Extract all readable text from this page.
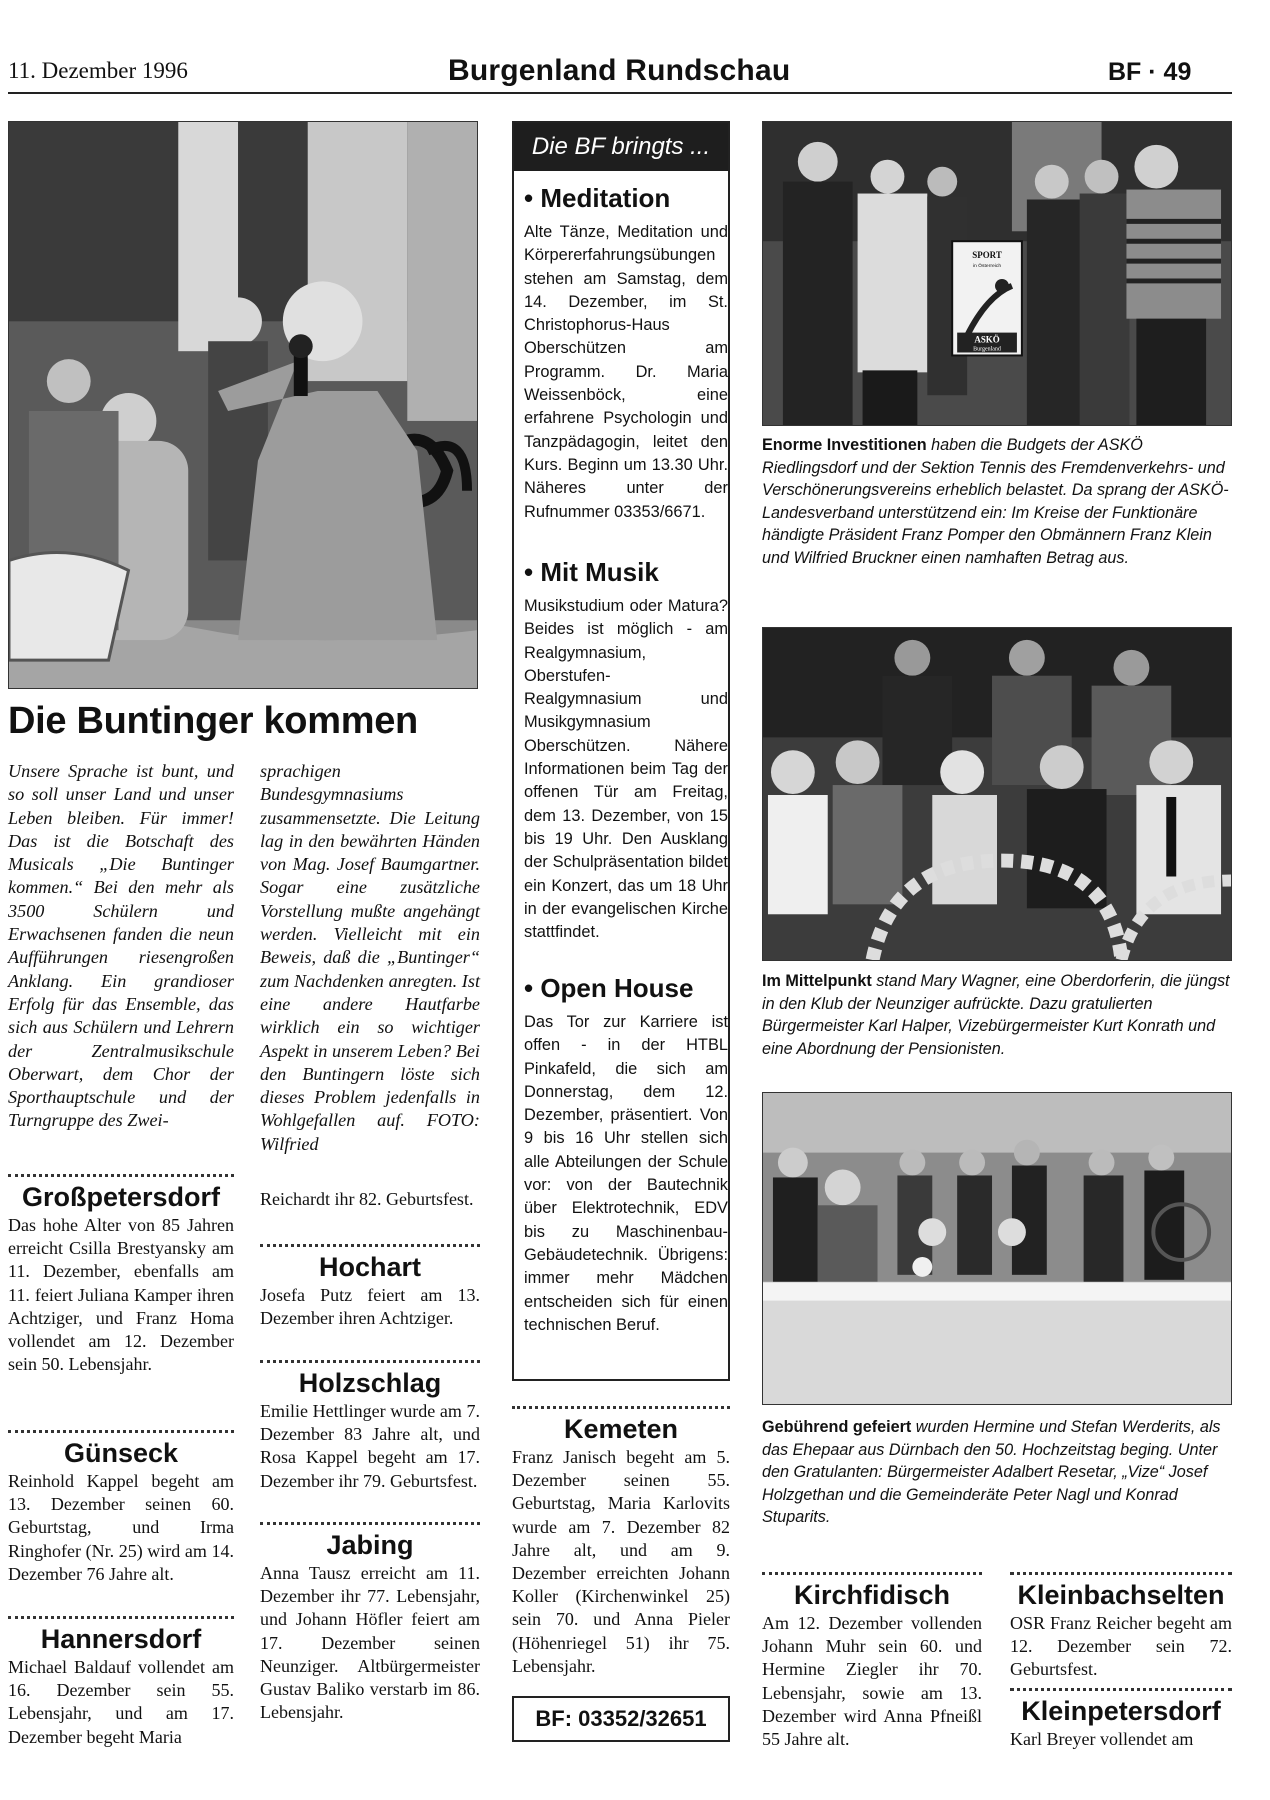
11. Dezember 1996	Burgenland Rundschau	BF · 49
Die Buntinger kommen
Unsere Sprache ist bunt, und so soll unser Land und unser Leben bleiben. Für immer! Das ist die Botschaft des Musicals „Die Buntinger kommen.“ Bei den mehr als 3500 Schülern und Erwachsenen fanden die neun Aufführungen riesengroßen Anklang. Ein grandioser Erfolg für das Ensemble, das sich aus Schülern und Lehrern der Zentralmusikschule Oberwart, dem Chor der Sporthauptschule und der Turngruppe des Zwei-
sprachigen Bundesgymnasiums zusammensetzte. Die Leitung lag in den bewährten Händen von Mag. Josef Baumgartner. Sogar eine zusätzliche Vorstellung mußte angehängt werden. Vielleicht mit ein Beweis, daß die „Buntinger“ zum Nachdenken anregten. Ist eine andere Hautfarbe wirklich ein so wichtiger Aspekt in unserem Leben? Bei den Buntingern löste sich dieses Problem jedenfalls in Wohlgefallen auf. FOTO: Wilfried
Großpetersdorf
Das hohe Alter von 85 Jahren erreicht Csilla Brestyansky am 11. Dezember, ebenfalls am 11. feiert Juliana Kamper ihren Achtziger, und Franz Homa vollendet am 12. Dezember sein 50. Lebensjahr.
Günseck
Reinhold Kappel begeht am 13. Dezember seinen 60. Geburtstag, und Irma Ringhofer (Nr. 25) wird am 14. Dezember 76 Jahre alt.
Hannersdorf
Michael Baldauf vollendet am 16. Dezember sein 55. Lebensjahr, und am 17. Dezember begeht Maria
Reichardt ihr 82. Geburtsfest.
Hochart
Josefa Putz feiert am 13. Dezember ihren Achtziger.
Holzschlag
Emilie Hettlinger wurde am 7. Dezember 83 Jahre alt, und Rosa Kappel begeht am 17. Dezember ihr 79. Geburtsfest.
Jabing
Anna Tausz erreicht am 11. Dezember ihr 77. Lebensjahr, und Johann Höfler feiert am 17. Dezember seinen Neunziger. Altbürgermeister Gustav Baliko verstarb im 86. Lebensjahr.
Die BF bringts ...
• Meditation
Alte Tänze, Meditation und Körpererfahrungsübungen stehen am Samstag, dem 14. Dezember, im St. Christophorus-Haus Oberschützen am Programm. Dr. Maria Weissenböck, eine erfahrene Psychologin und Tanzpädagogin, leitet den Kurs. Beginn um 13.30 Uhr. Näheres unter der Rufnummer 03353/6671.
• Mit Musik
Musikstudium oder Matura? Beides ist möglich - am Realgymnasium, Oberstufen-Realgymnasium und Musikgymnasium Oberschützen. Nähere Informationen beim Tag der offenen Tür am Freitag, dem 13. Dezember, von 15 bis 19 Uhr. Den Ausklang der Schulpräsentation bildet ein Konzert, das um 18 Uhr in der evangelischen Kirche stattfindet.
• Open House
Das Tor zur Karriere ist offen - in der HTBL Pinkafeld, die sich am Donnerstag, dem 12. Dezember, präsentiert. Von 9 bis 16 Uhr stellen sich alle Abteilungen der Schule vor: von der Bautechnik über Elektrotechnik, EDV bis zu Maschinenbau-Gebäudetechnik. Übrigens: immer mehr Mädchen entscheiden sich für einen technischen Beruf.
Kemeten
Franz Janisch begeht am 5. Dezember seinen 55. Geburtstag, Maria Karlovits wurde am 7. Dezember 82 Jahre alt, und am 9. Dezember erreichten Johann Koller (Kirchenwinkel 25) sein 70. und Anna Pieler (Höhenriegel 51) ihr 75. Lebensjahr.
BF: 03352/32651
SPORT
in Österreich
ASKÖ
Burgenland
Enorme Investitionen haben die Budgets der ASKÖ Riedlingsdorf und der Sektion Tennis des Fremdenverkehrs- und Verschönerungsvereins erheblich belastet. Da sprang der ASKÖ-Landesverband unterstützend ein: Im Kreise der Funktionäre händigte Präsident Franz Pomper den Obmännern Franz Klein und Wilfried Bruckner einen namhaften Betrag aus.
Im Mittelpunkt stand Mary Wagner, eine Oberdorferin, die jüngst in den Klub der Neunziger aufrückte. Dazu gratulierten Bürgermeister Karl Halper, Vizebürgermeister Kurt Konrath und eine Abordnung der Pensionisten.
Gebührend gefeiert wurden Hermine und Stefan Werderits, als das Ehepaar aus Dürnbach den 50. Hochzeitstag beging. Unter den Gratulanten: Bürgermeister Adalbert Resetar, „Vize“ Josef Holzgethan und die Gemeinderäte Peter Nagl und Konrad Stuparits.
Kirchfidisch
Am 12. Dezember vollenden Johann Muhr sein 60. und Hermine Ziegler ihr 70. Lebensjahr, sowie am 13. Dezember wird Anna Pfneißl 55 Jahre alt.
Kleinbachselten
OSR Franz Reicher begeht am 12. Dezember sein 72. Geburtsfest.
Kleinpetersdorf
Karl Breyer vollendet am
